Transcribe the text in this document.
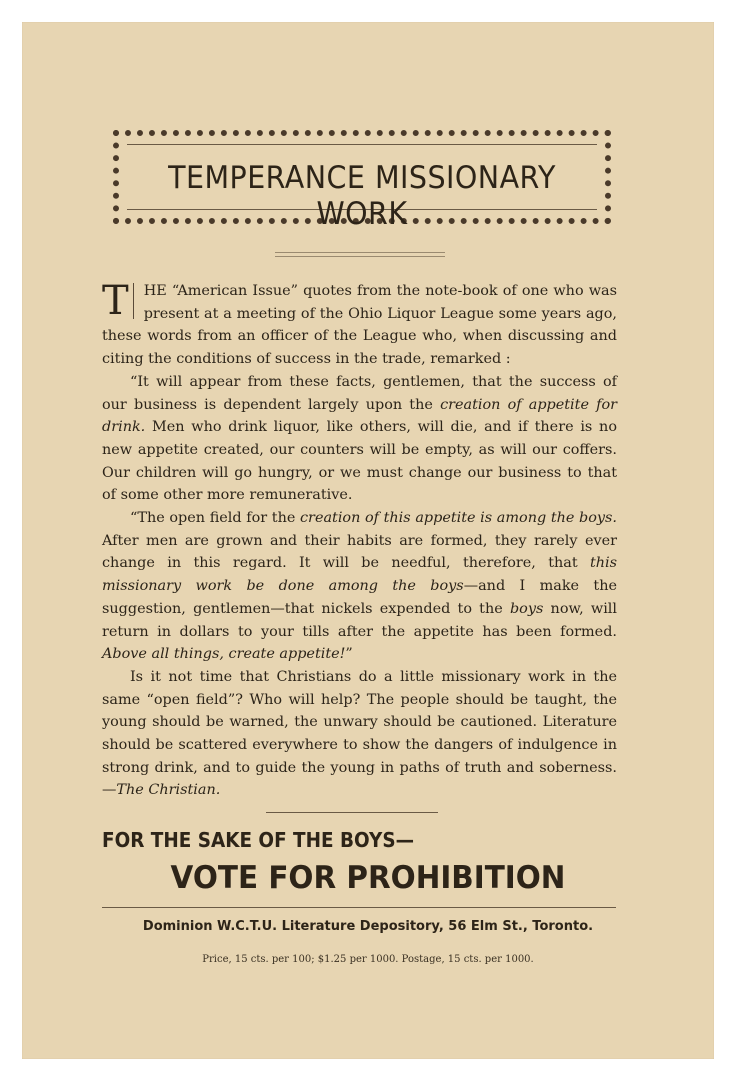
TEMPERANCE MISSIONARY WORK

T	HE “American Issue” quotes from the note-book of one who was present at a meeting of the Ohio Liquor League some years ago, these words from an officer of the League who, when discussing and citing the conditions of success in the trade, remarked :

“It will appear from these facts, gentlemen, that the success of our business is dependent largely upon the creation of appetite for drink. Men who drink liquor, like others, will die, and if there is no new appetite created, our counters will be empty, as will our coffers. Our children will go hungry, or we must change our business to that of some other more remunerative.

“The open field for the creation of this appetite is among the boys. After men are grown and their habits are formed, they rarely ever change in this regard. It will be needful, therefore, that this missionary work be done among the boys—and I make the suggestion, gentlemen—that nickels expended to the boys now, will return in dollars to your tills after the appetite has been formed. Above all things, create appetite!”

Is it not time that Christians do a little missionary work in the same “open field”? Who will help? The people should be taught, the young should be warned, the unwary should be cautioned. Literature should be scattered everywhere to show the dangers of indulgence in strong drink, and to guide the young in paths of truth and soberness.—The Christian.

FOR THE SAKE OF THE BOYS—
VOTE FOR PROHIBITION
Dominion W.C.T.U. Literature Depository, 56 Elm St., Toronto.
Price, 15 cts. per 100; $1.25 per 1000. Postage, 15 cts. per 1000.
